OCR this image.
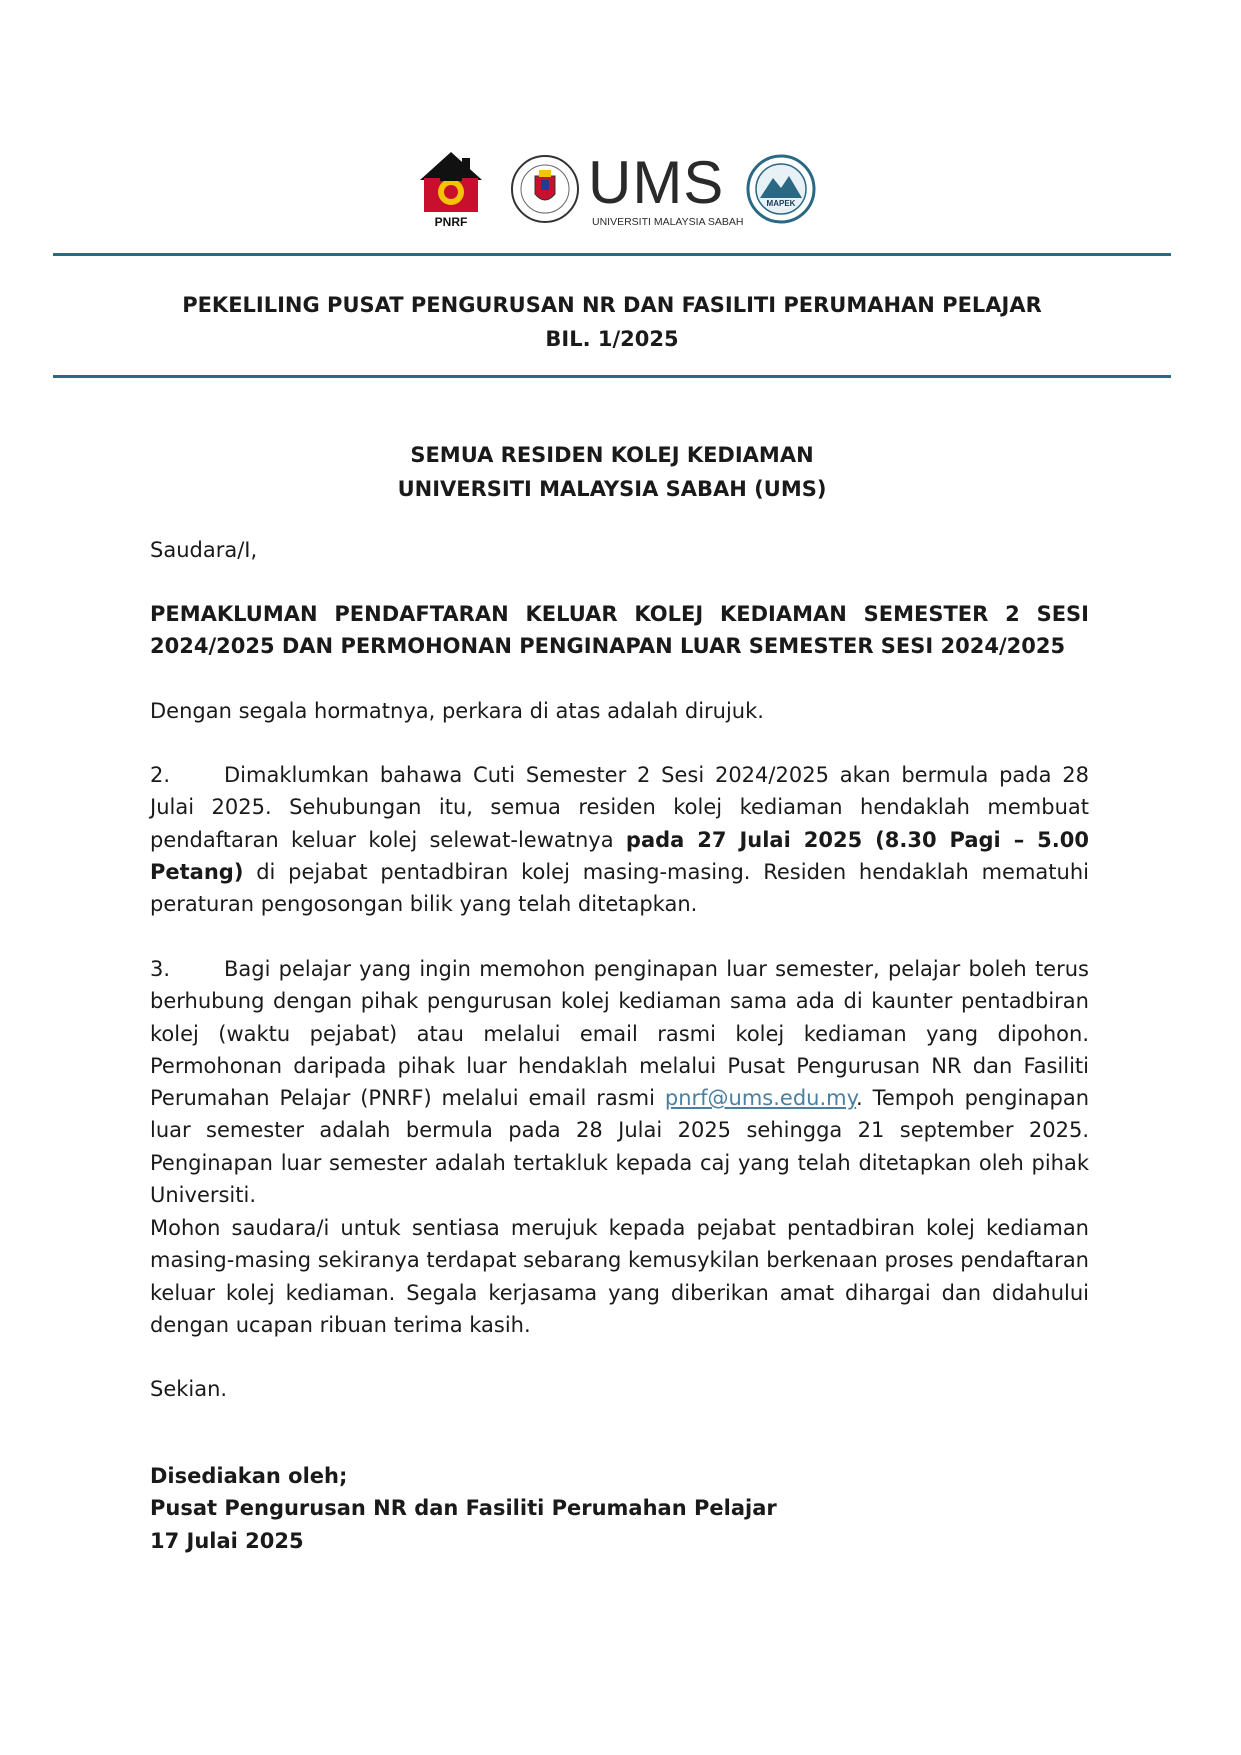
PNRF
UMS
UNIVERSITI MALAYSIA SABAH
MAPEK
PEKELILING PUSAT PENGURUSAN NR DAN FASILITI PERUMAHAN PELAJAR
BIL. 1/2025
SEMUA RESIDEN KOLEJ KEDIAMAN
UNIVERSITI MALAYSIA SABAH (UMS)
Saudara/I,
PEMAKLUMAN PENDAFTARAN KELUAR KOLEJ KEDIAMAN SEMESTER 2 SESI 2024/2025 DAN PERMOHONAN PENGINAPAN LUAR SEMESTER SESI 2024/2025
Dengan segala hormatnya, perkara di atas adalah dirujuk.
2.	Dimaklumkan bahawa Cuti Semester 2 Sesi 2024/2025 akan bermula pada 28 Julai 2025. Sehubungan itu, semua residen kolej kediaman hendaklah membuat pendaftaran keluar kolej selewat-lewatnya pada 27 Julai 2025 (8.30 Pagi – 5.00 Petang) di pejabat pentadbiran kolej masing-masing. Residen hendaklah mematuhi peraturan pengosongan bilik yang telah ditetapkan.
3.	Bagi pelajar yang ingin memohon penginapan luar semester, pelajar boleh terus berhubung dengan pihak pengurusan kolej kediaman sama ada di kaunter pentadbiran kolej (waktu pejabat) atau melalui email rasmi kolej kediaman yang dipohon. Permohonan daripada pihak luar hendaklah melalui Pusat Pengurusan NR dan Fasiliti Perumahan Pelajar (PNRF) melalui email rasmi pnrf@ums.edu.my. Tempoh penginapan luar semester adalah bermula pada 28 Julai 2025 sehingga 21 september 2025. Penginapan luar semester adalah tertakluk kepada caj yang telah ditetapkan oleh pihak Universiti.
Mohon saudara/i untuk sentiasa merujuk kepada pejabat pentadbiran kolej kediaman masing-masing sekiranya terdapat sebarang kemusykilan berkenaan proses pendaftaran keluar kolej kediaman. Segala kerjasama yang diberikan amat dihargai dan didahului dengan ucapan ribuan terima kasih.
Sekian.
Disediakan oleh;
Pusat Pengurusan NR dan Fasiliti Perumahan Pelajar
17 Julai 2025
